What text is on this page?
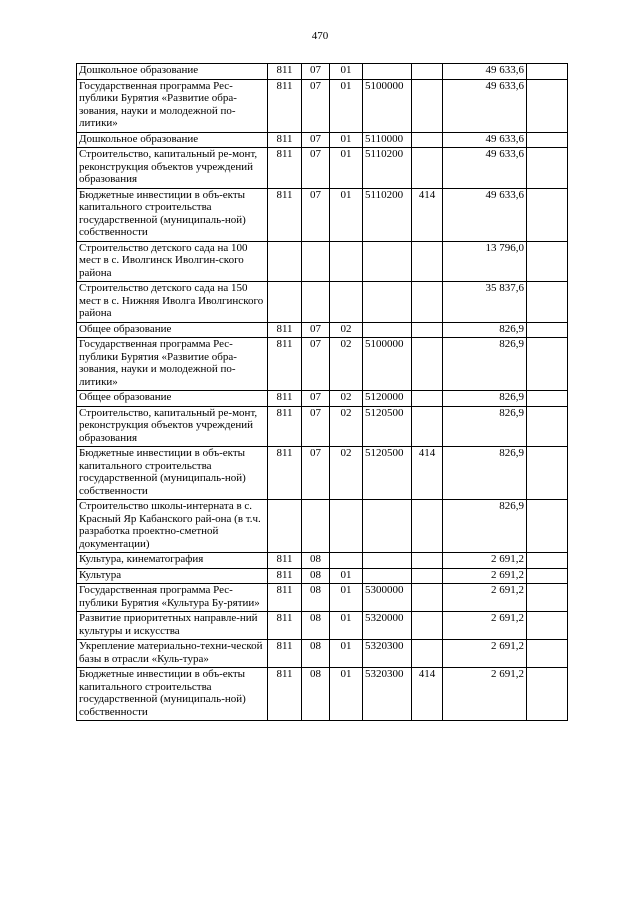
470
Дошкольное образование	811	07	01			49 633,6	
Государственная программа Рес-публики Бурятия «Развитие обра-зования, науки и молодежной по-литики»	811	07	01	5100000		49 633,6	
Дошкольное образование	811	07	01	5110000		49 633,6	
Строительство, капитальный ре-монт, реконструкция объектов учреждений образования	811	07	01	5110200		49 633,6	
Бюджетные инвестиции в объ-екты капитального строительства государственной (муниципаль-ной) собственности	811	07	01	5110200	414	49 633,6	
Строительство детского сада на 100 мест в с. Иволгинск Иволгин-ского района						13 796,0	
Строительство детского сада на 150 мест в с. Нижняя Иволга Иволгинского района						35 837,6	
Общее образование	811	07	02			826,9	
Государственная программа Рес-публики Бурятия «Развитие обра-зования, науки и молодежной по-литики»	811	07	02	5100000		826,9	
Общее образование	811	07	02	5120000		826,9	
Строительство, капитальный ре-монт, реконструкция объектов учреждений образования	811	07	02	5120500		826,9	
Бюджетные инвестиции в объ-екты капитального строительства государственной (муниципаль-ной) собственности	811	07	02	5120500	414	826,9	
Строительство школы-интерната в с. Красный Яр Кабанского рай-она (в т.ч. разработка проектно-сметной документации)						826,9	
Культура, кинематография	811	08				2 691,2	
Культура	811	08	01			2 691,2	
Государственная программа Рес-публики Бурятия «Культура Бу-рятии»	811	08	01	5300000		2 691,2	
Развитие приоритетных направле-ний культуры и искусства	811	08	01	5320000		2 691,2	
Укрепление материально-техни-ческой базы в отрасли «Куль-тура»	811	08	01	5320300		2 691,2	
Бюджетные инвестиции в объ-екты капитального строительства государственной (муниципаль-ной) собственности	811	08	01	5320300	414	2 691,2	
